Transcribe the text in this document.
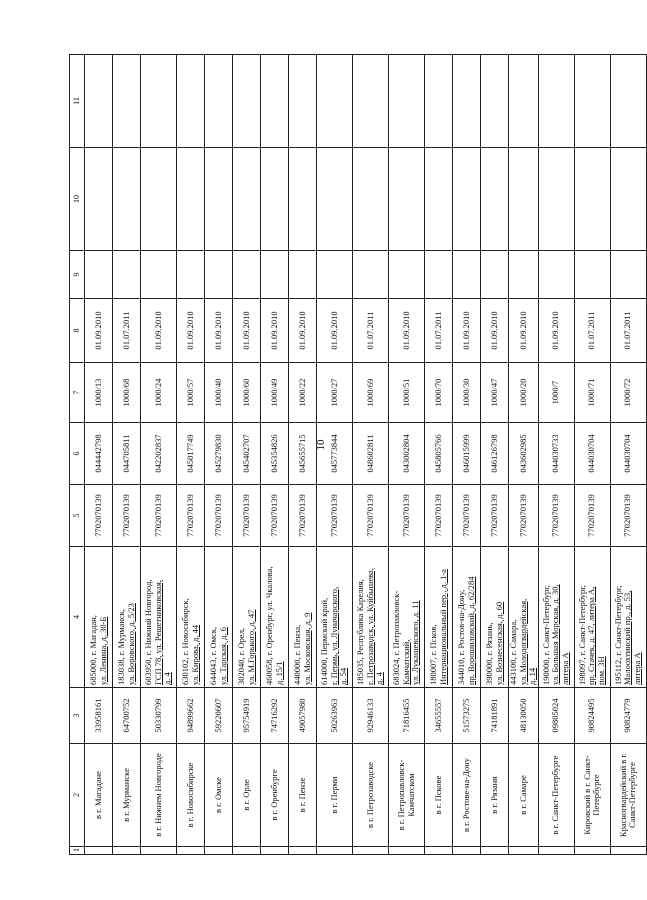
10
1	2	3	4	5	6	7	8	9	10	11
	в г. Магадане	33958161	685000, г. Магадан, ул. Ленина, д. 30-Б	7702070139	044442798	1000/13	01.09.2010			
	в г. Мурманске	64700752	183038, г. Мурманск, ул. Воровского, д. 5/23	7702070139	044705811	1000/68	01.07.2011			
	в г. Нижнем Новгороде	50330799	603950, г. Нижний Новгород, ГСП 78, ул. Решетниковская, д. 4	7702070139	042202837	1000/24	01.09.2010			
	в г. Новосибирске	94899662	630102, г. Новосибирск, ул. Кирова, д. 44	7702070139	045017749	1000/57	01.09.2010			
	в г. Омске	59220607	644043, г. Омск, ул. Тарская, д. 6	7702070139	045279830	1000/40	01.09.2010			
	в г. Орле	95754919	302040, г. Орел, ул. М.Горького, д. 47	7702070139	045402707	1000/60	01.09.2010			
	в г. Оренбурге	74716292	460058, г. Оренбург, ул. Чкалова, д. 15/1	7702070139	045354826	1000/49	01.09.2010			
	в г. Пензе	49057980	440000, г. Пенза, ул. Московская, д. 9	7702070139	045655715	1000/22	01.09.2010			
	в г. Перми	50263963	614000, Пермский край, г. Пермь, ул. Луначарского, д. 54	7702070139	045773844	1000/27	01.09.2010			
	в г. Петрозаводске	92946133	185035, Республика Карелия, г. Петрозаводск, ул. Куйбышева, д. 4	7702070139	048602811	1000/69	01.07.2011			
	в г. Петропавловск-Камчатском	71816455	683024, г. Петропавловск- Камчатский, ул. Лукашевского, д. 11	7702070139	043002804	1000/51	01.09.2010			
	в г. Пскове	34655557	180007, г. Псков, Интернациональный пер., д. 1-а	7702070139	045805766	1000/70	01.07.2011			
	в г. Ростове-на-Дону	51573275	344010, г. Ростов-на-Дону, пр. Ворошиловский, д. 62/284	7702070139	046015999	1000/30	01.09.2010			
	в г. Рязани	74181891	390000, г. Рязань, ул. Вознесенская, д. 60	7702070139	046126798	1000/47	01.09.2010			
	в г. Самаре	48130050	443100, г. Самара, ул. Молодогвардейская, д. 14	7702070139	043602985	1000/20	01.09.2010			
	в г. Санкт-Петербурге	09805024	190000, г. Санкт-Петербург, ул. Большая Морская, д. 30, литера А	7702070139	044030733	1000/7	01.09.2010			
	Кировский в г. Санкт-Петербурге	90824495	198097, г. Санкт-Петербург, пр. Стачек, д. 47, литера А, пом. 3Н	7702070139	044030704	1000/71	01.07.2011			
	Красногвардейский в г. Санкт-Петербурге	90824779	195112, г. Санкт-Петербург, Малоохтинский пр., д. 53, литера А	7702070139	044030704	1000/72	01.07.2011			
